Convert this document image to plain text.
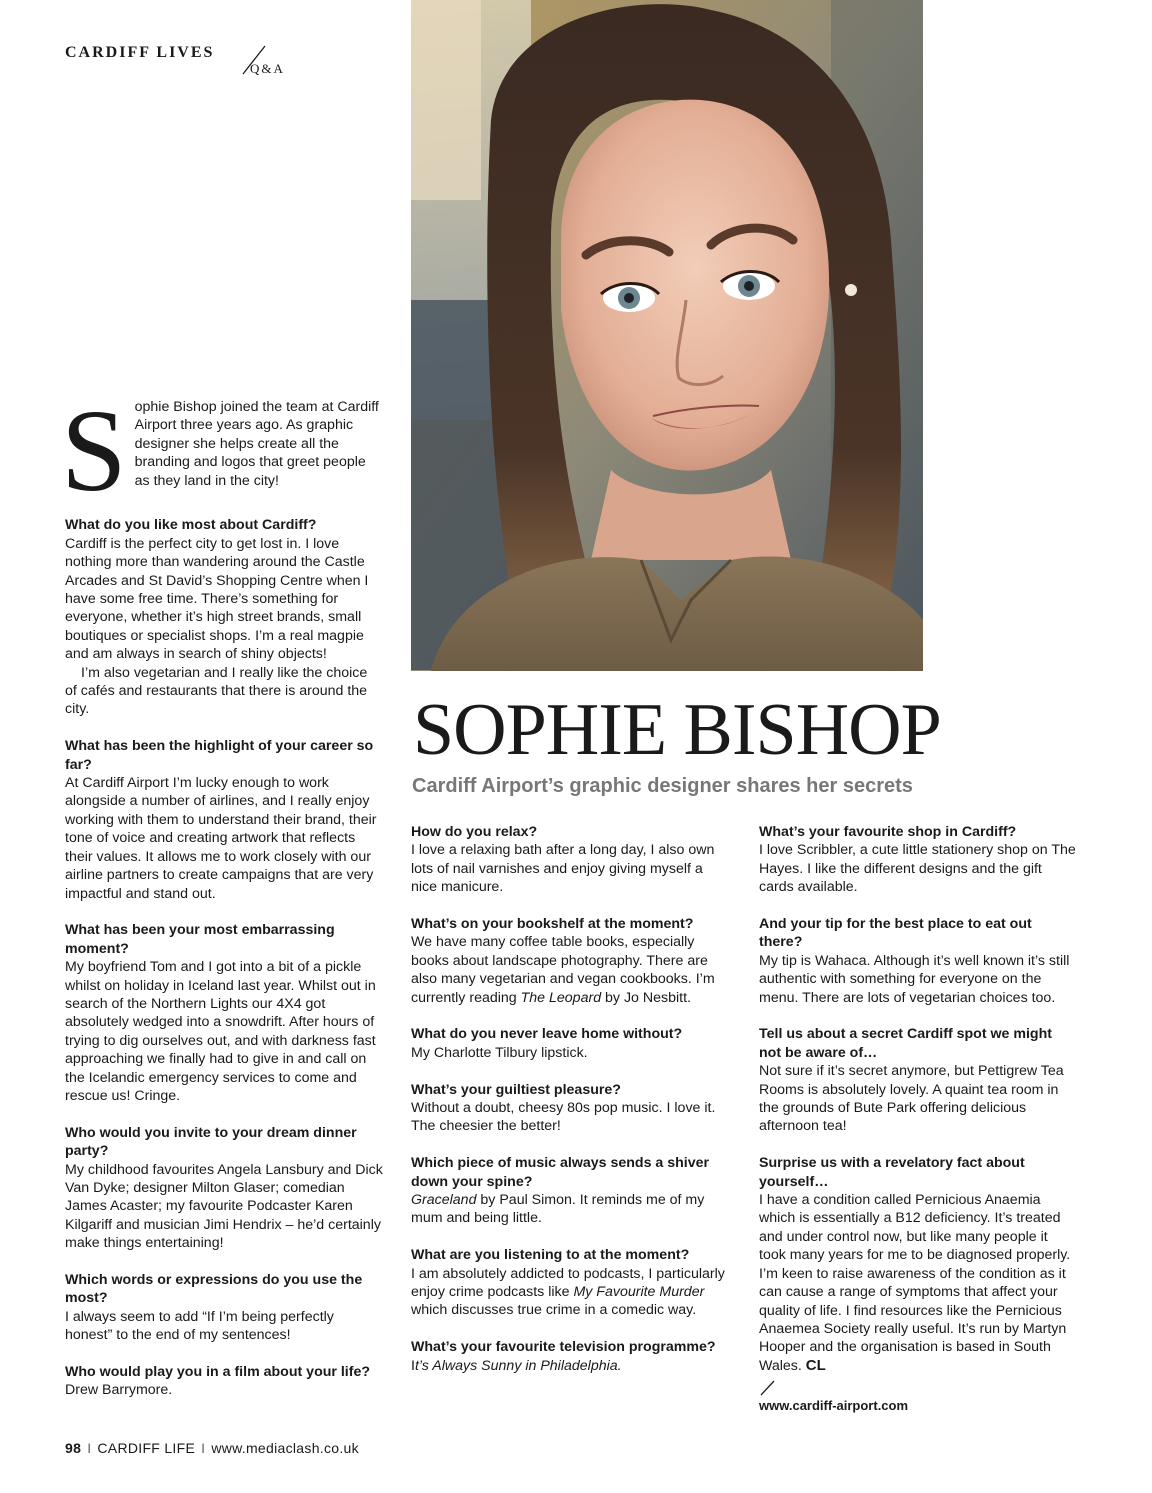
CARDIFF LIVES
Q&A
SOPHIE BISHOP
Cardiff Airport’s graphic designer shares her secrets
S ophie Bishop joined the team at Cardiff Airport three years ago. As graphic designer she helps create all the branding and logos that greet people as they land in the city!

What do you like most about Cardiff?

Cardiff is the perfect city to get lost in. I love nothing more than wandering around the Castle Arcades and St David’s Shopping Centre when I have some free time. There’s something for everyone, whether it’s high street brands, small boutiques or specialist shops. I’m a real magpie and am always in search of shiny objects!

I’m also vegetarian and I really like the choice of cafés and restaurants that there is around the city.

What has been the highlight of your career so far?

At Cardiff Airport I’m lucky enough to work alongside a number of airlines, and I really enjoy working with them to understand their brand, their tone of voice and creating artwork that reflects their values. It allows me to work closely with our airline partners to create campaigns that are very impactful and stand out.

What has been your most embarrassing moment?

My boyfriend Tom and I got into a bit of a pickle whilst on holiday in Iceland last year. Whilst out in search of the Northern Lights our 4X4 got absolutely wedged into a snowdrift. After hours of trying to dig ourselves out, and with darkness fast approaching we finally had to give in and call on the Icelandic emergency services to come and rescue us! Cringe.

Who would you invite to your dream dinner party?

My childhood favourites Angela Lansbury and Dick Van Dyke; designer Milton Glaser; comedian James Acaster; my favourite Podcaster Karen Kilgariff and musician Jimi Hendrix – he’d certainly make things entertaining!

Which words or expressions do you use the most?

I always seem to add “If I’m being perfectly honest” to the end of my sentences!

Who would play you in a film about your life?

Drew Barrymore.

How do you relax?

I love a relaxing bath after a long day, I also own lots of nail varnishes and enjoy giving myself a nice manicure.

What’s on your bookshelf at the moment?

We have many coffee table books, especially books about landscape photography. There are also many vegetarian and vegan cookbooks. I’m currently reading The Leopard by Jo Nesbitt.

What do you never leave home without?

My Charlotte Tilbury lipstick.

What’s your guiltiest pleasure?

Without a doubt, cheesy 80s pop music. I love it. The cheesier the better!

Which piece of music always sends a shiver down your spine?

Graceland by Paul Simon. It reminds me of my mum and being little.

What are you listening to at the moment?

I am absolutely addicted to podcasts, I particularly enjoy crime podcasts like My Favourite Murder which discusses true crime in a comedic way.

What’s your favourite television programme?

It’s Always Sunny in Philadelphia.

What’s your favourite shop in Cardiff?

I love Scribbler, a cute little stationery shop on The Hayes. I like the different designs and the gift cards available.

And your tip for the best place to eat out there?

My tip is Wahaca. Although it’s well known it’s still authentic with something for everyone on the menu. There are lots of vegetarian choices too.

Tell us about a secret Cardiff spot we might not be aware of…

Not sure if it’s secret anymore, but Pettigrew Tea Rooms is absolutely lovely. A quaint tea room in the grounds of Bute Park offering delicious afternoon tea!

Surprise us with a revelatory fact about yourself…

I have a condition called Pernicious Anaemia which is essentially a B12 deficiency. It’s treated and under control now, but like many people it took many years for me to be diagnosed properly. I’m keen to raise awareness of the condition as it can cause a range of symptoms that affect your quality of life. I find resources like the Pernicious Anaemea Society really useful. It’s run by Martyn Hooper and the organisation is based in South Wales. CL

www.cardiff-airport.com
98 I CARDIFF LIFE I www.mediaclash.co.uk
